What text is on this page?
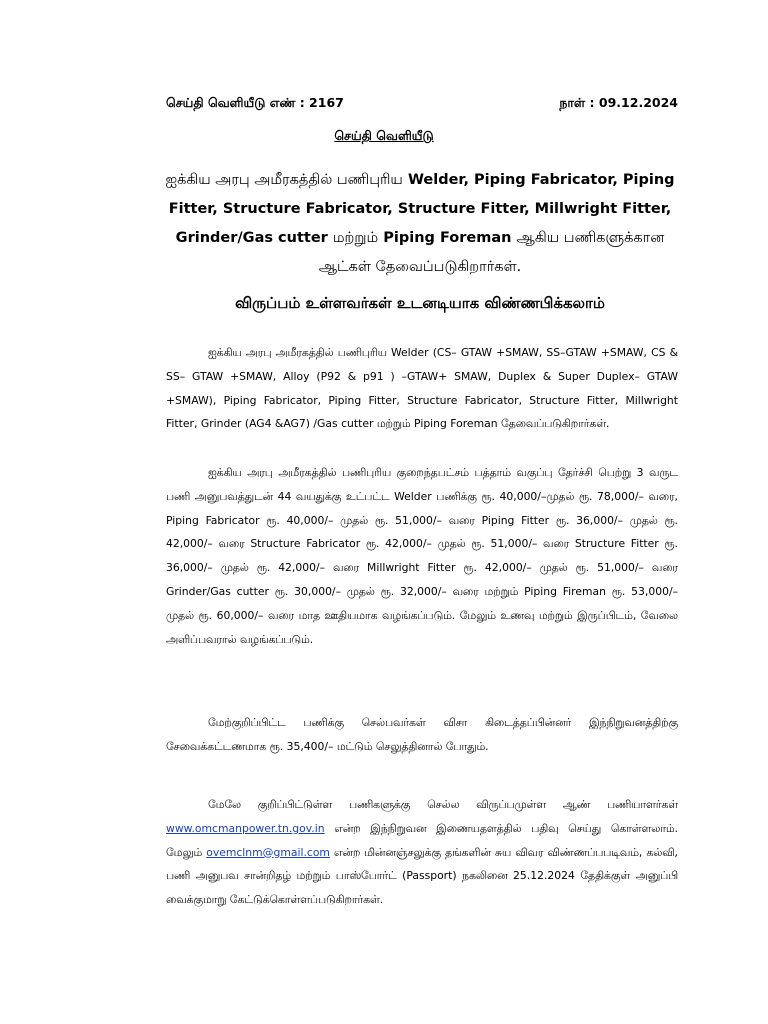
செய்தி வெளியீடு எண் : 2167	நாள் : 09.12.2024
செய்தி வெளியீடு
ஐக்கிய அரபு அமீரகத்தில் பணிபுரிய Welder, Piping Fabricator, Piping Fitter, Structure Fabricator, Structure Fitter, Millwright Fitter, Grinder/Gas cutter மற்றும் Piping Foreman ஆகிய பணிகளுக்கான ஆட்கள் தேவைப்படுகிறார்கள்.
விருப்பம் உள்ளவர்கள் உடனடியாக விண்ணபிக்கலாம்
ஐக்கிய அரபு அமீரகத்தில் பணிபுரிய Welder (CS– GTAW +SMAW, SS–GTAW +SMAW, CS & SS– GTAW +SMAW, Alloy (P92 & p91 ) –GTAW+ SMAW, Duplex & Super Duplex– GTAW +SMAW), Piping Fabricator, Piping Fitter, Structure Fabricator, Structure Fitter, Millwright Fitter, Grinder (AG4 &AG7) /Gas cutter மற்றும் Piping Foreman தேவைப்படுகிறார்கள்.
ஐக்கிய அரபு அமீரகத்தில் பணிபுரிய குறைந்தபட்சம் பத்தாம் வகுப்பு தேர்ச்சி பெற்று 3 வருட பணி அனுபவத்துடன் 44 வயதுக்கு உட்பட்ட Welder பணிக்கு ரூ. 40,000/–முதல் ரூ. 78,000/– வரை, Piping Fabricator ரூ. 40,000/– முதல் ரூ. 51,000/– வரை Piping Fitter ரூ. 36,000/– முதல் ரூ. 42,000/– வரை Structure Fabricator ரூ. 42,000/– முதல் ரூ. 51,000/– வரை Structure Fitter ரூ. 36,000/– முதல் ரூ. 42,000/– வரை Millwright Fitter ரூ. 42,000/– முதல் ரூ. 51,000/– வரை Grinder/Gas cutter ரூ. 30,000/– முதல் ரூ. 32,000/– வரை மற்றும் Piping Fireman ரூ. 53,000/– முதல் ரூ. 60,000/– வரை மாத ஊதியமாக வழங்கப்படும். மேலும் உணவு மற்றும் இருப்பிடம், வேலை அளிப்பவரால் வழங்கப்படும்.
மேற்குறிப்பிட்ட பணிக்கு செல்பவர்கள் விசா கிடைத்தப்பின்னர் இந்நிறுவனத்திற்கு சேவைக்கட்டணமாக ரூ. 35,400/– மட்டும் செலுத்தினால் போதும்.
மேலே குறிப்பிட்டுள்ள பணிகளுக்கு செல்ல விருப்பமுள்ள ஆண் பணியாளர்கள் www.omcmanpower.tn.gov.in என்ற இந்நிறுவன இணையதளத்தில் பதிவு செய்து கொள்ளலாம். மேலும் ovemclnm@gmail.com என்ற மின்னஞ்சலுக்கு தங்களின் சுய விவர விண்ணப்பபடிவம், கல்வி, பணி அனுபவ சான்றிதழ் மற்றும் பாஸ்போர்ட் (Passport) நகலினை 25.12.2024 தேதிக்குள் அனுப்பி வைக்குமாறு கேட்டுக்கொள்ளப்படுகிறார்கள்.
